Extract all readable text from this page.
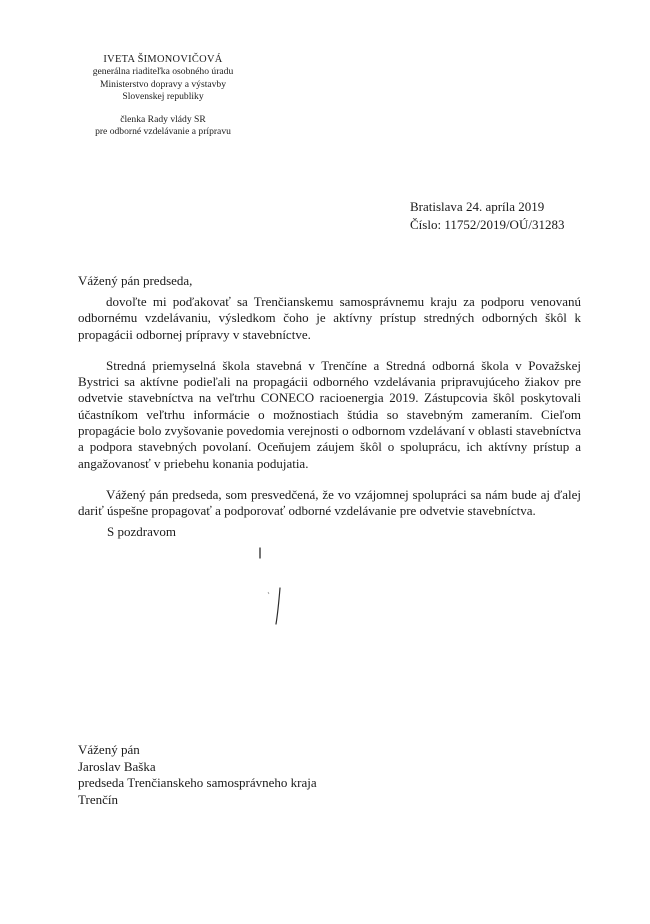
IVETA ŠIMONOVIČOVÁ
generálna riaditeľka osobného úradu
Ministerstvo dopravy a výstavby
Slovenskej republiky
členka Rady vlády SR
pre odborné vzdelávanie a prípravu
Bratislava 24. apríla 2019
Číslo: 11752/2019/OÚ/31283
Vážený pán predseda,

dovoľte mi poďakovať sa Trenčianskemu samosprávnemu kraju za podporu venovanú odbornému vzdelávaniu, výsledkom čoho je aktívny prístup stredných odborných škôl k propagácii odbornej prípravy v stavebníctve.

Stredná priemyselná škola stavebná v Trenčíne a Stredná odborná škola v Považskej Bystrici sa aktívne podieľali na propagácii odborného vzdelávania pripravujúceho žiakov pre odvetvie stavebníctva na veľtrhu CONECO racioenergia 2019. Zástupcovia škôl poskytovali účastníkom veľtrhu informácie o možnostiach štúdia so stavebným zameraním. Cieľom propagácie bolo zvyšovanie povedomia verejnosti o odbornom vzdelávaní v oblasti stavebníctva a podpora stavebných povolaní. Oceňujem záujem škôl o spoluprácu, ich aktívny prístup a angažovanosť v priebehu konania podujatia.

Vážený pán predseda, som presvedčená, že vo vzájomnej spolupráci sa nám bude aj ďalej dariť úspešne propagovať a podporovať odborné vzdelávanie pre odvetvie stavebníctva.

S pozdravom
Vážený pán
Jaroslav Baška
predseda Trenčianskeho samosprávneho kraja
Trenčín
